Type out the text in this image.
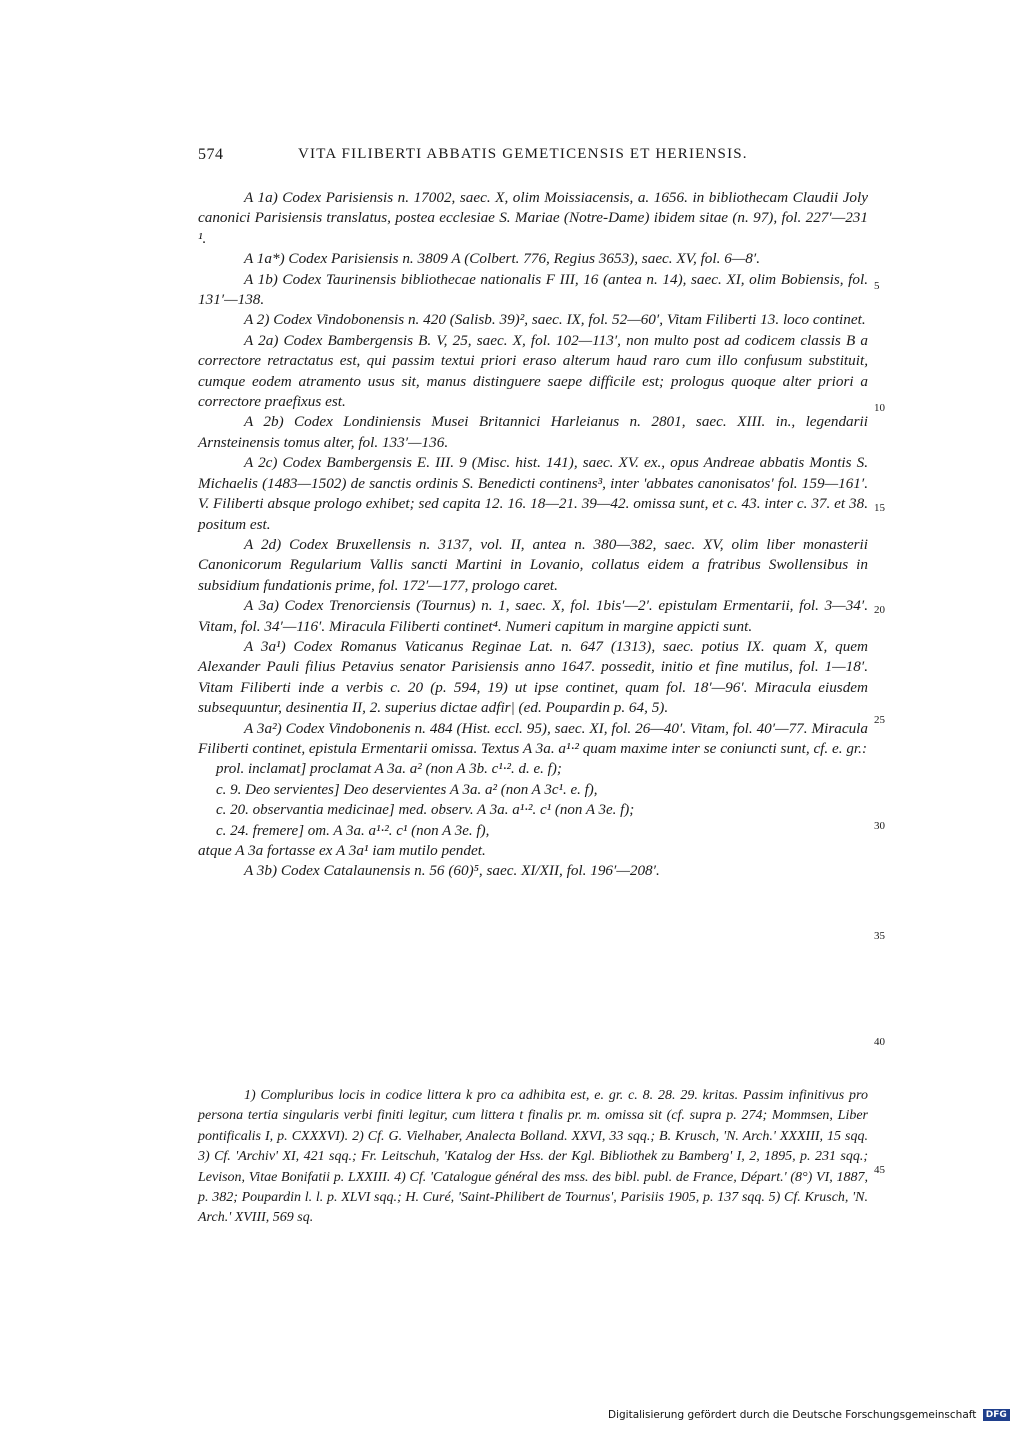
574	VITA FILIBERTI ABBATIS GEMETICENSIS ET HERIENSIS.

A 1a) Codex Parisiensis n. 17002, saec. X, olim Moissiacensis, a. 1656. in bibliothecam Claudii Joly canonici Parisiensis translatus, postea ecclesiae S. Mariae (Notre-Dame) ibidem sitae (n. 97), fol. 227′—231 ¹.

A 1a*) Codex Parisiensis n. 3809 A (Colbert. 776, Regius 3653), saec. XV, fol. 6—8′.

A 1b) Codex Taurinensis bibliothecae nationalis F III, 16 (antea n. 14), saec. XI, olim Bobiensis, fol. 131′—138.

A 2) Codex Vindobonensis n. 420 (Salisb. 39)², saec. IX, fol. 52—60′, Vitam Filiberti 13. loco continet.

A 2a) Codex Bambergensis B. V, 25, saec. X, fol. 102—113′, non multo post ad codicem classis B a correctore retractatus est, qui passim textui priori eraso alterum haud raro cum illo confusum substituit, cumque eodem atramento usus sit, manus distinguere saepe difficile est; prologus quoque alter priori a correctore praefixus est.

A 2b) Codex Londiniensis Musei Britannici Harleianus n. 2801, saec. XIII. in., legendarii Arnsteinensis tomus alter, fol. 133′—136.

A 2c) Codex Bambergensis E. III. 9 (Misc. hist. 141), saec. XV. ex., opus Andreae abbatis Montis S. Michaelis (1483—1502) de sanctis ordinis S. Benedicti continens³, inter 'abbates canonisatos' fol. 159—161′. V. Filiberti absque prologo exhibet; sed capita 12. 16. 18—21. 39—42. omissa sunt, et c. 43. inter c. 37. et 38. positum est.

A 2d) Codex Bruxellensis n. 3137, vol. II, antea n. 380—382, saec. XV, olim liber monasterii Canonicorum Regularium Vallis sancti Martini in Lovanio, collatus eidem a fratribus Swollensibus in subsidium fundationis prime, fol. 172′—177, prologo caret.

A 3a) Codex Trenorciensis (Tournus) n. 1, saec. X, fol. 1bis′—2′. epistulam Ermentarii, fol. 3—34′. Vitam, fol. 34′—116′. Miracula Filiberti continet⁴. Numeri capitum in margine appicti sunt.

A 3a¹) Codex Romanus Vaticanus Reginae Lat. n. 647 (1313), saec. potius IX. quam X, quem Alexander Pauli filius Petavius senator Parisiensis anno 1647. possedit, initio et fine mutilus, fol. 1—18′. Vitam Filiberti inde a verbis c. 20 (p. 594, 19) ut ipse continet, quam fol. 18′—96′. Miracula eiusdem subsequuntur, desinentia II, 2. superius dictae adfir| (ed. Poupardin p. 64, 5).

A 3a²) Codex Vindobonenis n. 484 (Hist. eccl. 95), saec. XI, fol. 26—40′. Vitam, fol. 40′—77. Miracula Filiberti continet, epistula Ermentarii omissa. Textus A 3a. a¹·² quam maxime inter se coniuncti sunt, cf. e. gr.:

prol. inclamat] proclamat A 3a. a² (non A 3b. c¹·². d. e. f);
c. 9. Deo servientes] Deo deservientes A 3a. a² (non A 3c¹. e. f),
c. 20. observantia medicinae] med. observ. A 3a. a¹·². c¹ (non A 3e. f);
c. 24. fremere] om. A 3a. a¹·². c¹ (non A 3e. f),

atque A 3a fortasse ex A 3a¹ iam mutilo pendet.

A 3b) Codex Catalaunensis n. 56 (60)⁵, saec. XI/XII, fol. 196′—208′.

5
10
15
20
25
30
35
40
45

1) Compluribus locis in codice littera k pro ca adhibita est, e. gr. c. 8. 28. 29. kritas. Passim infinitivus pro persona tertia singularis verbi finiti legitur, cum littera t finalis pr. m. omissa sit (cf. supra p. 274; Mommsen, Liber pontificalis I, p. CXXXVI). 2) Cf. G. Vielhaber, Analecta Bolland. XXVI, 33 sqq.; B. Krusch, 'N. Arch.' XXXIII, 15 sqq. 3) Cf. 'Archiv' XI, 421 sqq.; Fr. Leitschuh, 'Katalog der Hss. der Kgl. Bibliothek zu Bamberg' I, 2, 1895, p. 231 sqq.; Levison, Vitae Bonifatii p. LXXIII. 4) Cf. 'Catalogue général des mss. des bibl. publ. de France, Départ.' (8°) VI, 1887, p. 382; Poupardin l. l. p. XLVI sqq.; H. Curé, 'Saint-Philibert de Tournus', Parisiis 1905, p. 137 sqq. 5) Cf. Krusch, 'N. Arch.' XVIII, 569 sq.

Digitalisierung gefördert durch die Deutsche Forschungsgemeinschaft DFG
